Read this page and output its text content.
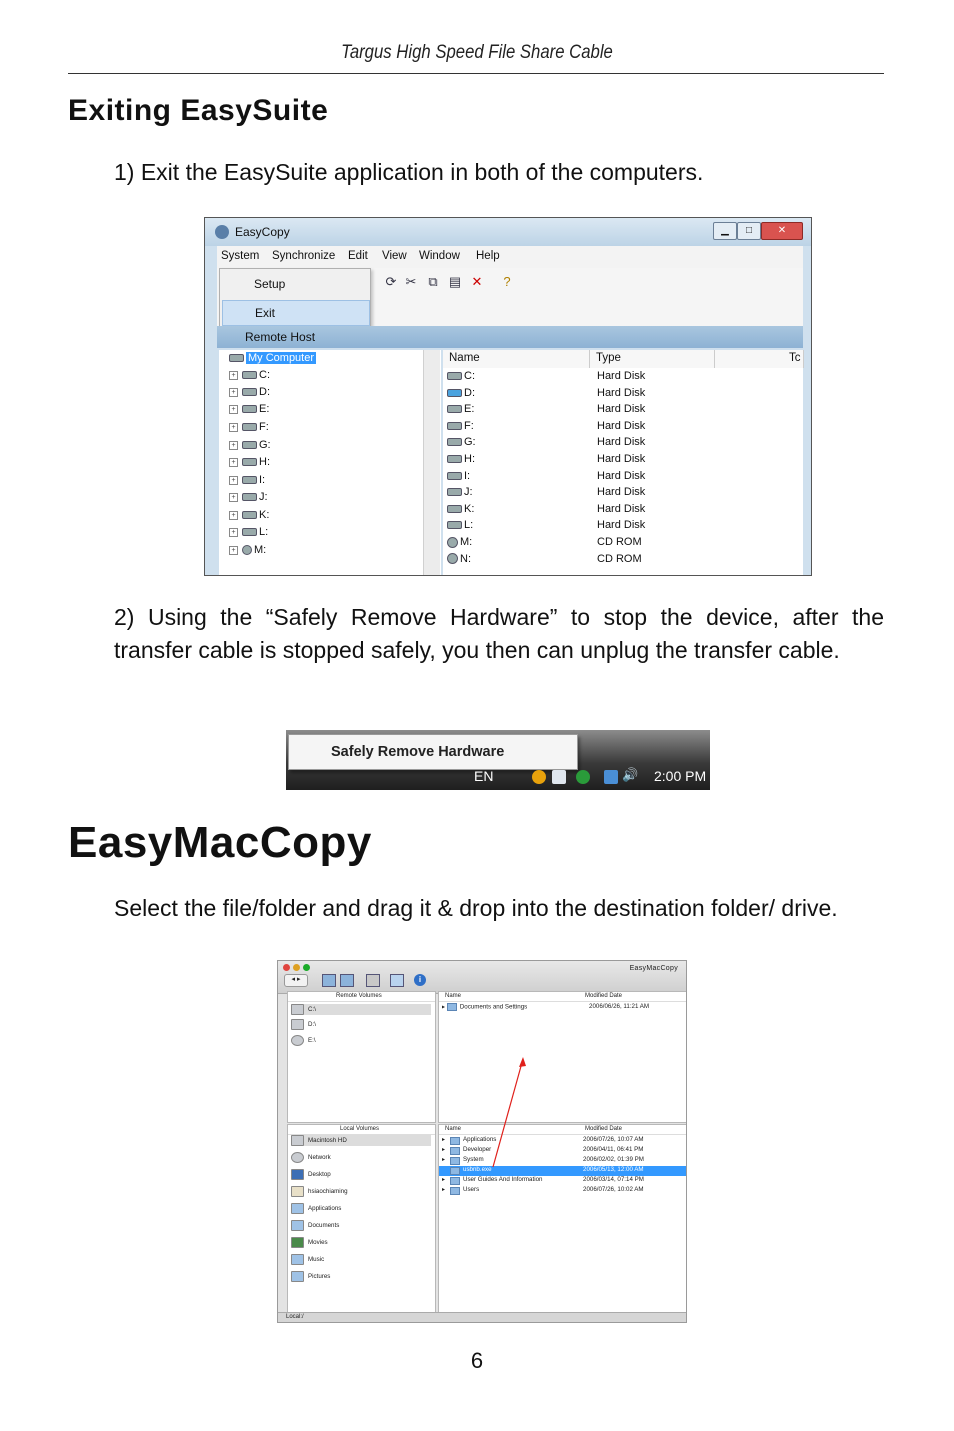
Targus High Speed File Share Cable
Exiting EasySuite
1) Exit the EasySuite application in both of the computers.
EasyCopy	▁	□	✕
System Synchronize Edit View Window Help
⟳ ✂ ⧉ ▤ ✕	?
Setup
Exit
Remote Host
My Computer
+ C:
+ D:
+ E:
+ F:
+ G:
+ H:
+ I:
+ J:
+ K:
+ L:
+ M:
Name	Type	Tc
C:	Hard Disk
D:	Hard Disk
E:	Hard Disk
F:	Hard Disk
G:	Hard Disk
H:	Hard Disk
I:	Hard Disk
J:	Hard Disk
K:	Hard Disk
L:	Hard Disk
M:	CD ROM
N:	CD ROM
2) Using the “Safely Remove Hardware” to stop the device, after the transfer cable is stopped safely, you then can unplug the transfer cable.
Safely Remove Hardware
EN	🔊 2:00 PM
EasyMacCopy
Select the file/folder and drag it & drop into the destination folder/ drive.
◂ ▸	i
EasyMacCopy
Remote Volumes
C:\
D:\
E:\
Name	Modified Date
▸ Documents and Settings	2006/06/26, 11:21 AM
Local Volumes
Macintosh HD
Network
Desktop
hsiaochiaming
Applications
Documents
Movies
Music
Pictures
Name	Modified Date
▸	Applications	2006/07/26, 10:07 AM
▸	Developer	2006/04/11, 06:41 PM
▸	System	2006/02/02, 01:39 PM
usbnb.exe	2006/05/13, 12:00 AM
▸	User Guides And Information	2006/03/14, 07:14 PM
▸	Users	2006/07/26, 10:02 AM
Local:/
6
